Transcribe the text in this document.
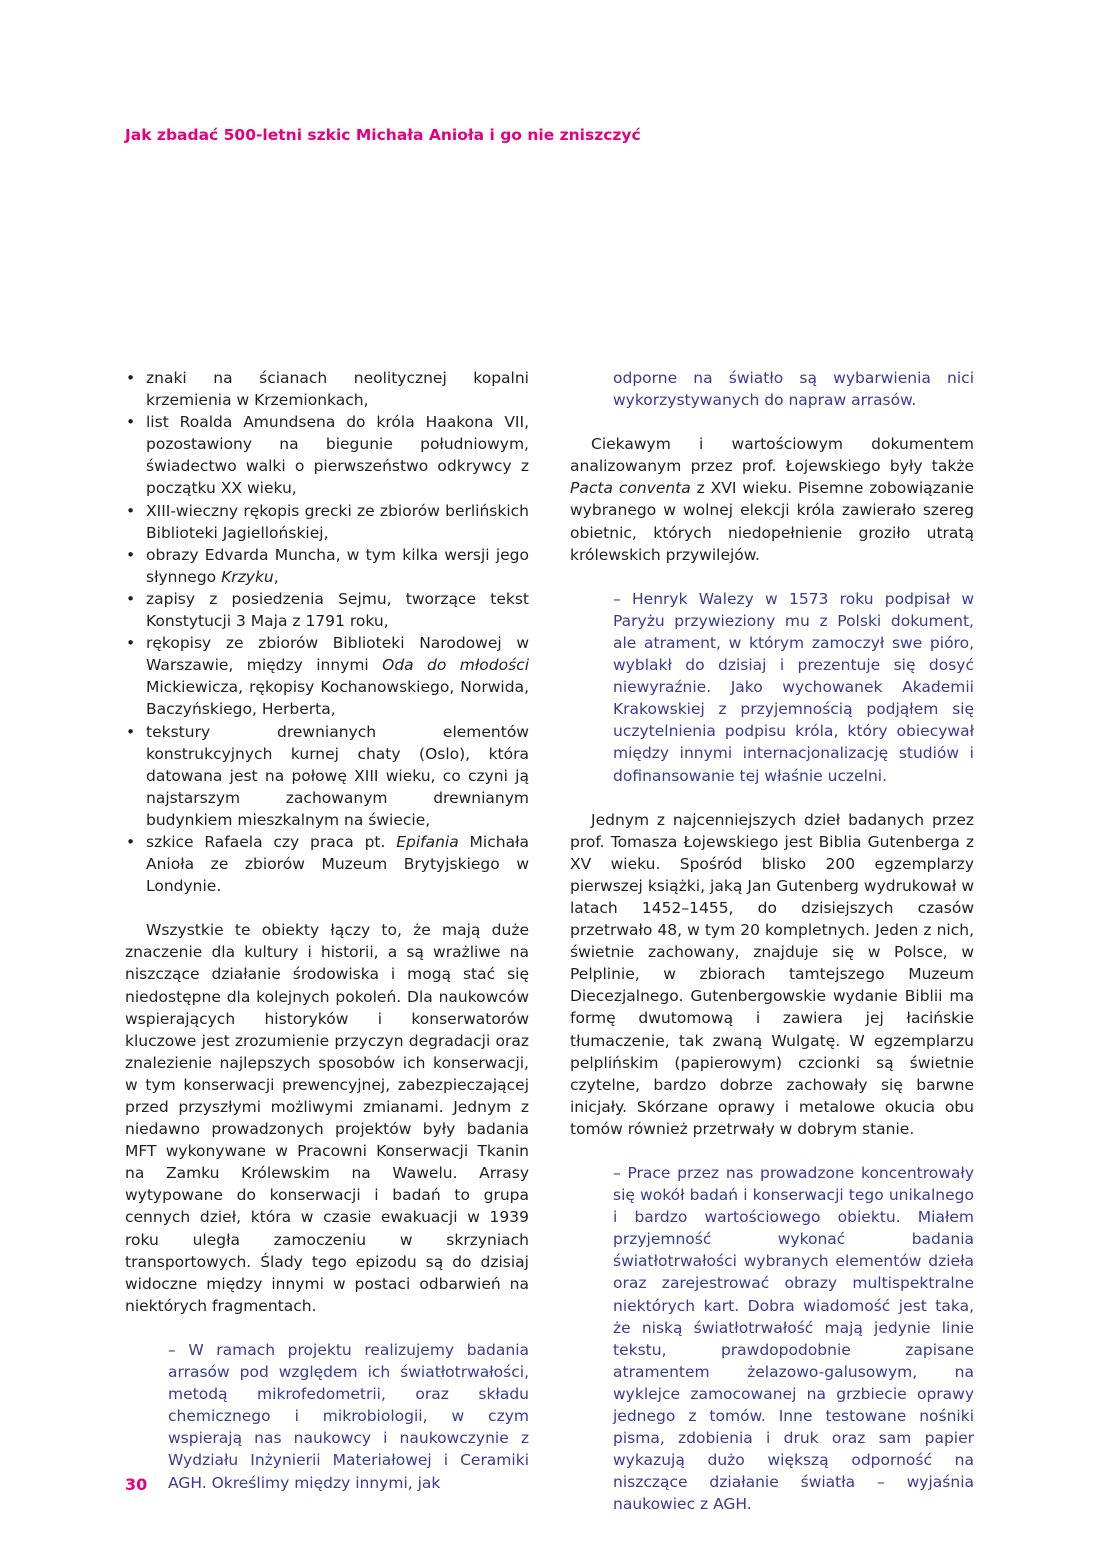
Jak zbadać 500-letni szkic Michała Anioła i go nie zniszczyć
• znaki na ścianach neolitycznej kopalni krzemienia w Krzemionkach,
• list Roalda Amundsena do króla Haakona VII, pozostawiony na biegunie południowym, świadectwo walki o pierwszeństwo odkrywcy z początku XX wieku,
• XIII-wieczny rękopis grecki ze zbiorów berlińskich Biblioteki Jagiellońskiej,
• obrazy Edvarda Muncha, w tym kilka wersji jego słynnego Krzyku,
• zapisy z posiedzenia Sejmu, tworzące tekst Konstytucji 3 Maja z 1791 roku,
• rękopisy ze zbiorów Biblioteki Narodowej w Warszawie, między innymi Oda do młodości Mickiewicza, rękopisy Kochanowskiego, Norwida, Baczyńskiego, Herberta,
• tekstury drewnianych elementów konstrukcyjnych kurnej chaty (Oslo), która datowana jest na połowę XIII wieku, co czyni ją najstarszym zachowanym drewnianym budynkiem mieszkalnym na świecie,
• szkice Rafaela czy praca pt. Epifania Michała Anioła ze zbiorów Muzeum Brytyjskiego w Londynie.

Wszystkie te obiekty łączy to, że mają duże znaczenie dla kultury i historii, a są wrażliwe na niszczące działanie środowiska i mogą stać się niedostępne dla kolejnych pokoleń. Dla naukowców wspierających historyków i konserwatorów kluczowe jest zrozumienie przyczyn degradacji oraz znalezienie najlepszych sposobów ich konserwacji, w tym konserwacji prewencyjnej, zabezpieczającej przed przyszłymi możliwymi zmianami. Jednym z niedawno prowadzonych projektów były badania MFT wykonywane w Pracowni Konserwacji Tkanin na Zamku Królewskim na Wawelu. Arrasy wytypowane do konserwacji i badań to grupa cennych dzieł, która w czasie ewakuacji w 1939 roku uległa zamoczeniu w skrzyniach transportowych. Ślady tego epizodu są do dzisiaj widoczne między innymi w postaci odbarwień na niektórych fragmentach.

– W ramach projektu realizujemy badania arrasów pod względem ich światłotrwałości, metodą mikrofedometrii, oraz składu chemicznego i mikrobiologii, w czym wspierają nas naukowcy i naukowczynie z Wydziału Inżynierii Materiałowej i Ceramiki AGH. Określimy między innymi, jak

odporne na światło są wybarwienia nici wykorzystywanych do napraw arrasów.

Ciekawym i wartościowym dokumentem analizowanym przez prof. Łojewskiego były także Pacta conventa z XVI wieku. Pisemne zobowiązanie wybranego w wolnej elekcji króla zawierało szereg obietnic, których niedopełnienie groziło utratą królewskich przywilejów.

– Henryk Walezy w 1573 roku podpisał w Paryżu przywieziony mu z Polski dokument, ale atrament, w którym zamoczył swe pióro, wyblakł do dzisiaj i prezentuje się dosyć niewyraźnie. Jako wychowanek Akademii Krakowskiej z przyjemnością podjąłem się uczytelnienia podpisu króla, który obiecywał między innymi internacjonalizację studiów i dofinansowanie tej właśnie uczelni.

Jednym z najcenniejszych dzieł badanych przez prof. Tomasza Łojewskiego jest Biblia Gutenberga z XV wieku. Spośród blisko 200 egzemplarzy pierwszej książki, jaką Jan Gutenberg wydrukował w latach 1452–1455, do dzisiejszych czasów przetrwało 48, w tym 20 kompletnych. Jeden z nich, świetnie zachowany, znajduje się w Polsce, w Pelplinie, w zbiorach tamtejszego Muzeum Diecezjalnego. Gutenbergowskie wydanie Biblii ma formę dwutomową i zawiera jej łacińskie tłumaczenie, tak zwaną Wulgatę. W egzemplarzu pelplińskim (papierowym) czcionki są świetnie czytelne, bardzo dobrze zachowały się barwne inicjały. Skórzane oprawy i metalowe okucia obu tomów również przetrwały w dobrym stanie.

– Prace przez nas prowadzone koncentrowały się wokół badań i konserwacji tego unikalnego i bardzo wartościowego obiektu. Miałem przyjemność wykonać badania światłotrwałości wybranych elementów dzieła oraz zarejestrować obrazy multispektralne niektórych kart. Dobra wiadomość jest taka, że niską światłotrwałość mają jedynie linie tekstu, prawdopodobnie zapisane atramentem żelazowo-galusowym, na wyklejce zamocowanej na grzbiecie oprawy jednego z tomów. Inne testowane nośniki pisma, zdobienia i druk oraz sam papier wykazują dużo większą odporność na niszczące działanie światła – wyjaśnia naukowiec z AGH.

30
